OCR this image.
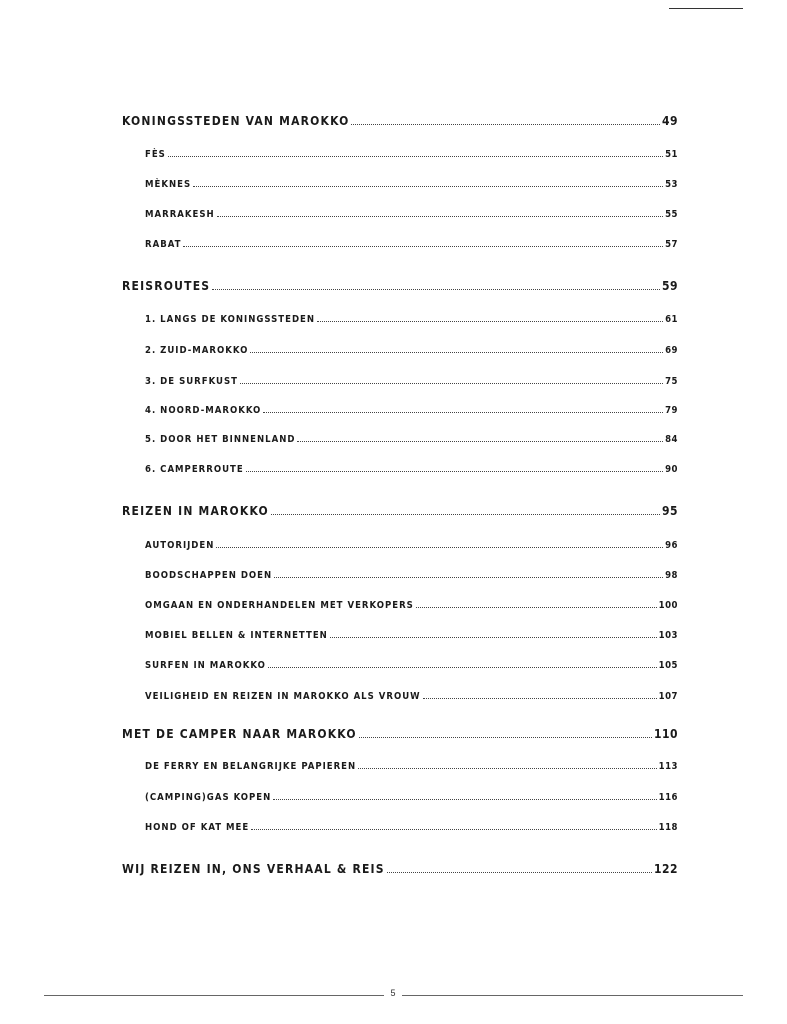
KONINGSSTEDEN VAN MAROKKO	49
FÈS	51
MÈKNES	53
MARRAKESH	55
RABAT	57
REISROUTES	59
1. LANGS DE KONINGSSTEDEN	61
2. ZUID-MAROKKO	69
3. DE SURFKUST	75
4. NOORD-MAROKKO	79
5. DOOR HET BINNENLAND	84
6. CAMPERROUTE	90
REIZEN IN MAROKKO	95
AUTORIJDEN	96
BOODSCHAPPEN DOEN	98
OMGAAN EN ONDERHANDELEN MET VERKOPERS	100
MOBIEL BELLEN & INTERNETTEN	103
SURFEN IN MAROKKO	105
VEILIGHEID EN REIZEN IN MAROKKO ALS VROUW	107
MET DE CAMPER NAAR MAROKKO	110
DE FERRY EN BELANGRIJKE PAPIEREN	113
(CAMPING)GAS KOPEN	116
HOND OF KAT MEE	118
WIJ REIZEN IN, ONS VERHAAL & REIS	122
5
